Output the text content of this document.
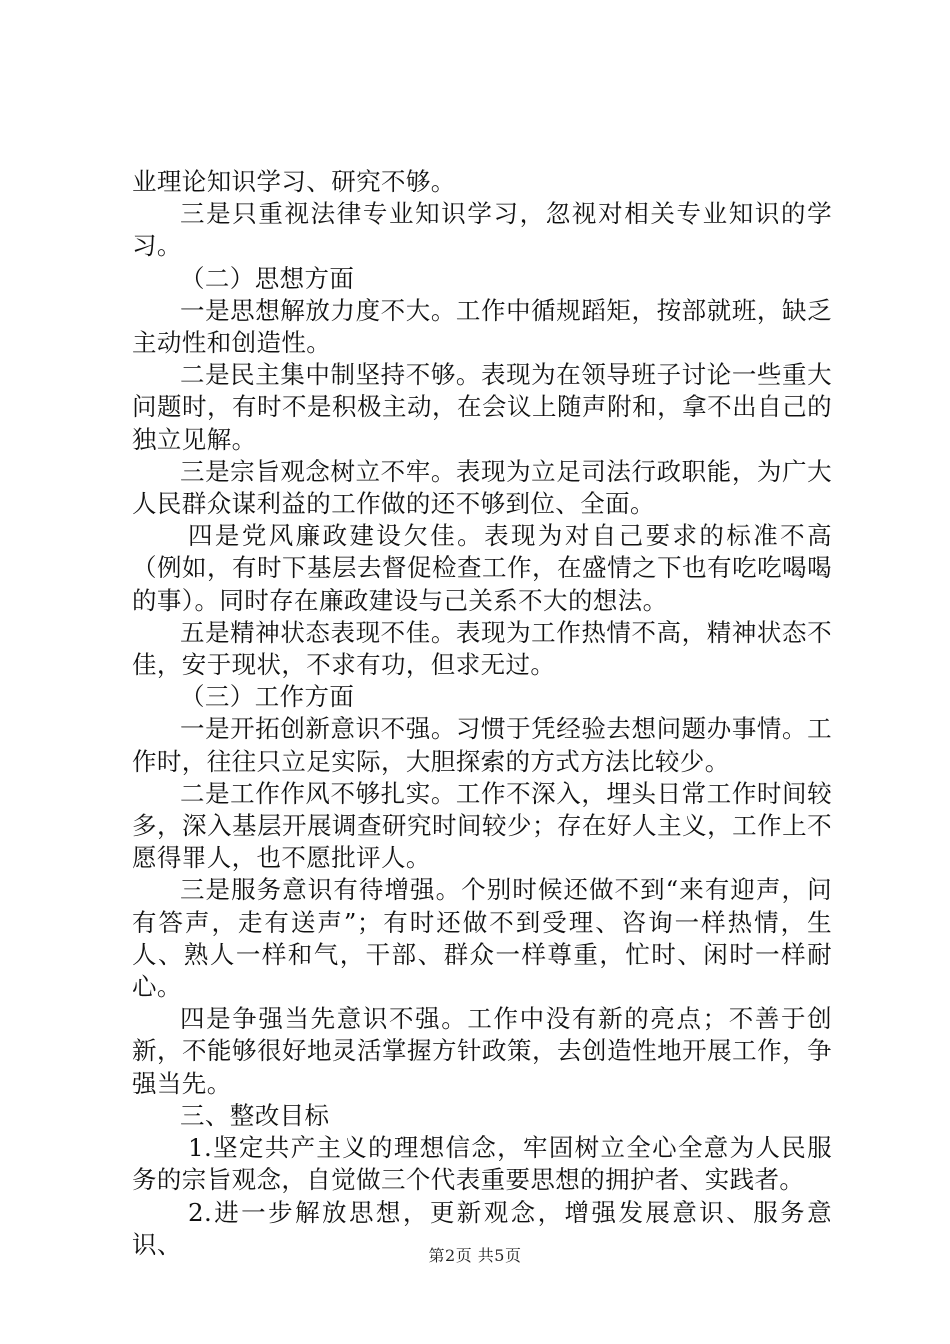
业理论知识学习、研究不够。

三是只重视法律专业知识学习，忽视对相关专业知识的学习。

（二）思想方面

一是思想解放力度不大。工作中循规蹈矩，按部就班，缺乏主动性和创造性。

二是民主集中制坚持不够。表现为在领导班子讨论一些重大问题时，有时不是积极主动，在会议上随声附和，拿不出自己的独立见解。

三是宗旨观念树立不牢。表现为立足司法行政职能，为广大人民群众谋利益的工作做的还不够到位、全面。

四是党风廉政建设欠佳。表现为对自己要求的标准不高（例如，有时下基层去督促检查工作，在盛情之下也有吃吃喝喝的事）。同时存在廉政建设与己关系不大的想法。

五是精神状态表现不佳。表现为工作热情不高，精神状态不佳，安于现状，不求有功，但求无过。

（三）工作方面

一是开拓创新意识不强。习惯于凭经验去想问题办事情。工作时，往往只立足实际，大胆探索的方式方法比较少。

二是工作作风不够扎实。工作不深入，埋头日常工作时间较多，深入基层开展调查研究时间较少；存在好人主义，工作上不愿得罪人，也不愿批评人。

三是服务意识有待增强。个别时候还做不到“来有迎声，问有答声，走有送声”；有时还做不到受理、咨询一样热情，生人、熟人一样和气，干部、群众一样尊重，忙时、闲时一样耐心。

四是争强当先意识不强。工作中没有新的亮点；不善于创新，不能够很好地灵活掌握方针政策，去创造性地开展工作，争强当先。

三、整改目标

1.坚定共产主义的理想信念，牢固树立全心全意为人民服务的宗旨观念，自觉做三个代表重要思想的拥护者、实践者。

2.进一步解放思想，更新观念，增强发展意识、服务意识、	第2页 共5页
